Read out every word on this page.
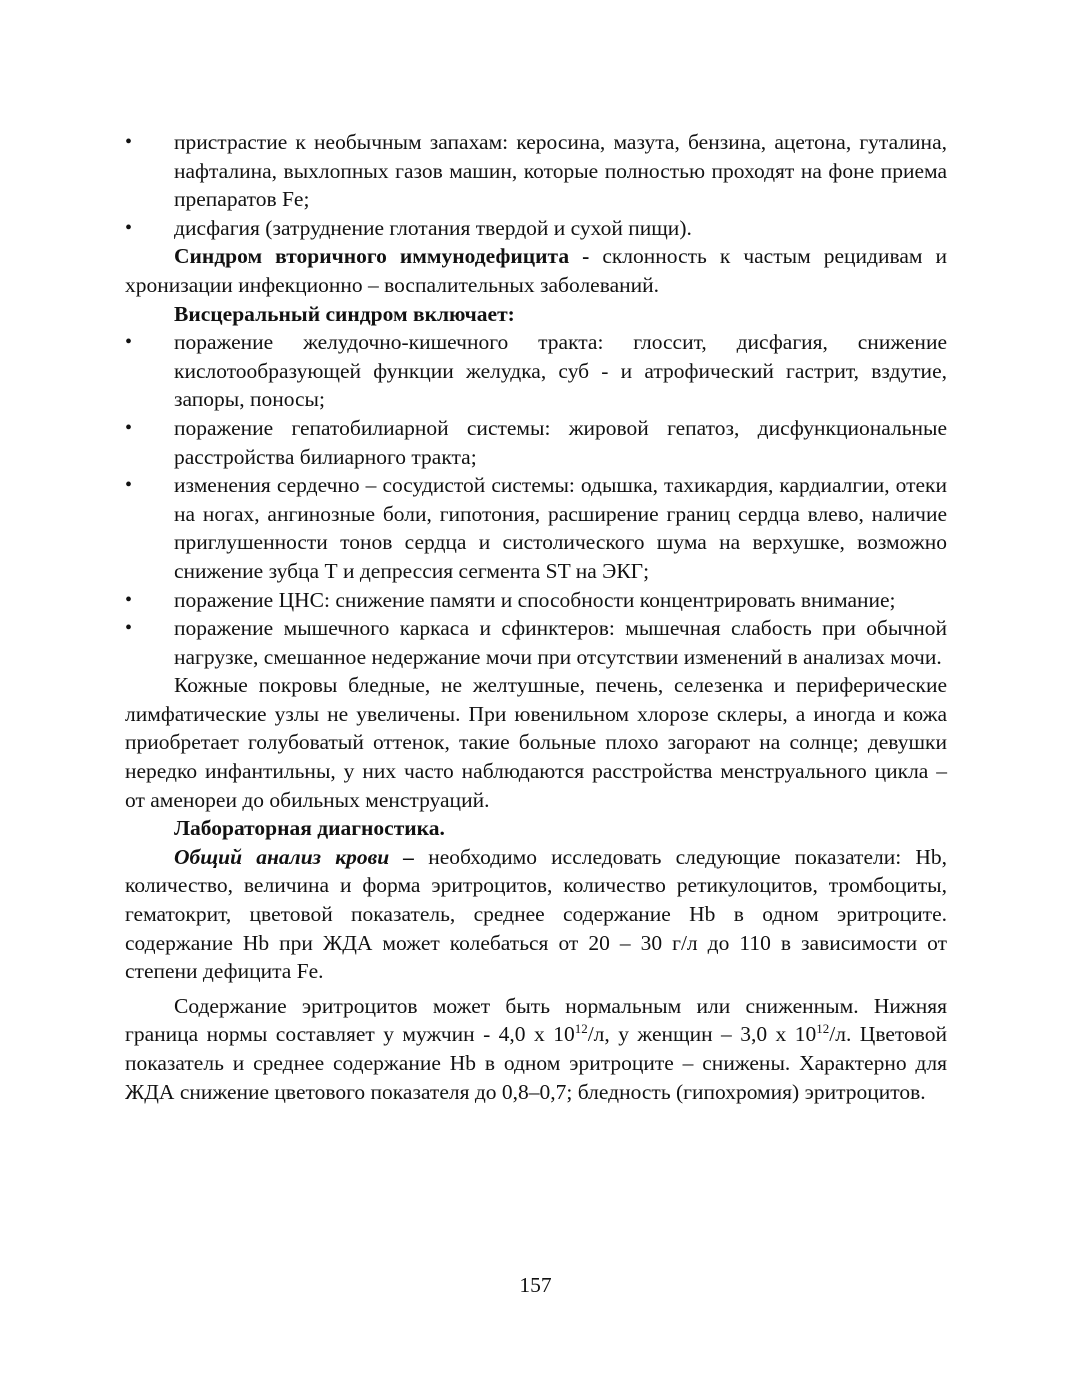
• пристрастие к необычным запахам: керосина, мазута, бензина, ацетона, гуталина, нафталина, выхлопных газов машин, которые полностью проходят на фоне приема препаратов Fe;
• дисфагия (затруднение глотания твердой и сухой пищи).

Синдром вторичного иммунодефицита - склонность к частым рецидивам и хронизации инфекционно – воспалительных заболеваний.

Висцеральный синдром включает:
• поражение желудочно-кишечного тракта: глоссит, дисфагия, снижение кислотообразующей функции желудка, суб - и атрофический гастрит, вздутие, запоры, поносы;
• поражение гепатобилиарной системы: жировой гепатоз, дисфункциональные расстройства билиарного тракта;
• изменения сердечно – сосудистой системы: одышка, тахикардия, кардиалгии, отеки на ногах, ангинозные боли, гипотония, расширение границ сердца влево, наличие приглушенности тонов сердца и систолического шума на верхушке, возможно снижение зубца Т и депрессия сегмента ST на ЭКГ;
• поражение ЦНС: снижение памяти и способности концентрировать внимание;
• поражение мышечного каркаса и сфинктеров: мышечная слабость при обычной нагрузке, смешанное недержание мочи при отсутствии изменений в анализах мочи.

Кожные покровы бледные, не желтушные, печень, селезенка и периферические лимфатические узлы не увеличены. При ювенильном хлорозе склеры, а иногда и кожа приобретает голубоватый оттенок, такие больные плохо загорают на солнце; девушки нередко инфантильны, у них часто наблюдаются расстройства менструального цикла – от аменореи до обильных менструаций.

Лабораторная диагностика.

Общий анализ крови – необходимо исследовать следующие показатели: Hb, количество, величина и форма эритроцитов, количество ретикулоцитов, тромбоциты, гематокрит, цветовой показатель, среднее содержание Hb в одном эритроците. содержание Hb при ЖДА может колебаться от 20 – 30 г/л до 110 в зависимости от степени дефицита Fe.

Содержание эритроцитов может быть нормальным или сниженным. Нижняя граница нормы составляет у мужчин - 4,0 х $10^{12}/л$, у женщин – 3,0 х $10^{12}/л$. Цветовой показатель и среднее содержание Hb в одном эритроците – снижены. Характерно для ЖДА снижение цветового показателя до 0,8–0,7; бледность (гипохромия) эритроцитов.

157
